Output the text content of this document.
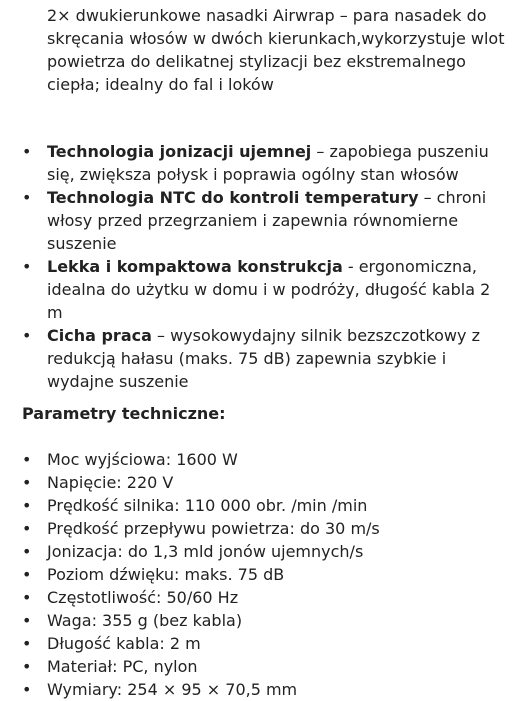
2× dwukierunkowe nasadki Airwrap – para nasadek do skręcania włosów w dwóch kierunkach,wykorzystuje wlot powietrza do delikatnej stylizacji bez ekstremalnego ciepła; idealny do fal i loków

• Technologia jonizacji ujemnej – zapobiega puszeniu się, zwiększa połysk i poprawia ogólny stan włosów
• Technologia NTC do kontroli temperatury – chroni włosy przed przegrzaniem i zapewnia równomierne suszenie
• Lekka i kompaktowa konstrukcja - ergonomiczna, idealna do użytku w domu i w podróży, długość kabla 2 m
• Cicha praca – wysokowydajny silnik bezszczotkowy z redukcją hałasu (maks. 75 dB) zapewnia szybkie i wydajne suszenie
Parametry techniczne:
• Moc wyjściowa: 1600 W
• Napięcie: 220 V
• Prędkość silnika: 110 000 obr. /min /min
• Prędkość przepływu powietrza: do 30 m/s
• Jonizacja: do 1,3 mld jonów ujemnych/s
• Poziom dźwięku: maks. 75 dB
• Częstotliwość: 50/60 Hz
• Waga: 355 g (bez kabla)
• Długość kabla: 2 m
• Materiał: PC, nylon
• Wymiary: 254 × 95 × 70,5 mm
